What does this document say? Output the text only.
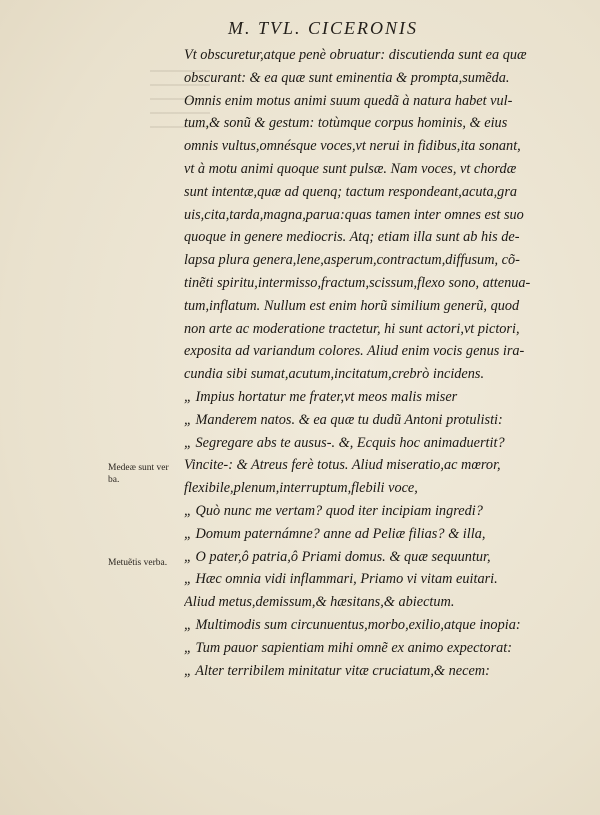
M. TVL. CICERONIS
Vt obscuretur,atque penè obruatur: discutienda sunt ea quæ
obscurant: & ea quæ sunt eminentia & prompta,sumẽda.
Omnis enim motus animi suum quedã à natura habet vul-
tum,& sonũ & gestum: totùmque corpus hominis, & eius
omnis vultus,omnésque voces,vt nerui in fidibus,ita sonant,
vt à motu animi quoque sunt pulsæ. Nam voces, vt chordæ
sunt intentæ,quæ ad quenq; tactum respondeant,acuta,gra
uis,cita,tarda,magna,parua:quas tamen inter omnes est suo
quoque in genere mediocris. Atq; etiam illa sunt ab his de-
lapsa plura genera,lene,asperum,contractum,diffusum, cõ-
tinẽti spiritu,intermisso,fractum,scissum,flexo sono, attenua-
tum,inflatum. Nullum est enim horũ similium generũ, quod
non arte ac moderatione tractetur, hi sunt actori,vt pictori,
exposita ad variandum colores. Aliud enim vocis genus ira-
cundia sibi sumat,acutum,incitatum,crebrò incidens.
„ Impius hortatur me frater,vt meos malis miser
„ Manderem natos. & ea quæ tu dudũ Antoni protulisti:
„ Segregare abs te ausus-. &, Ecquis hoc animaduertit?
Vincite-: & Atreus ferè totus. Aliud miseratio,ac mœror,
flexibile,plenum,interruptum,flebili voce,
„ Quò nunc me vertam? quod iter incipiam ingredi?
„ Domum paternámne? anne ad Peliæ filias? & illa,
„ O pater,ô patria,ô Priami domus. & quæ sequuntur,
„ Hæc omnia vidi inflammari, Priamo vi vitam euitari.
Aliud metus,demissum,& hæsitans,& abiectum.
„ Multimodis sum circunuentus,morbo,exilio,atque inopia:
„ Tum pauor sapientiam mihi omnẽ ex animo expectorat:
„ Alter terribilem minitatur vitæ cruciatum,& necem:
Medeæ sunt ver
ba.
Metuẽtis verba.
